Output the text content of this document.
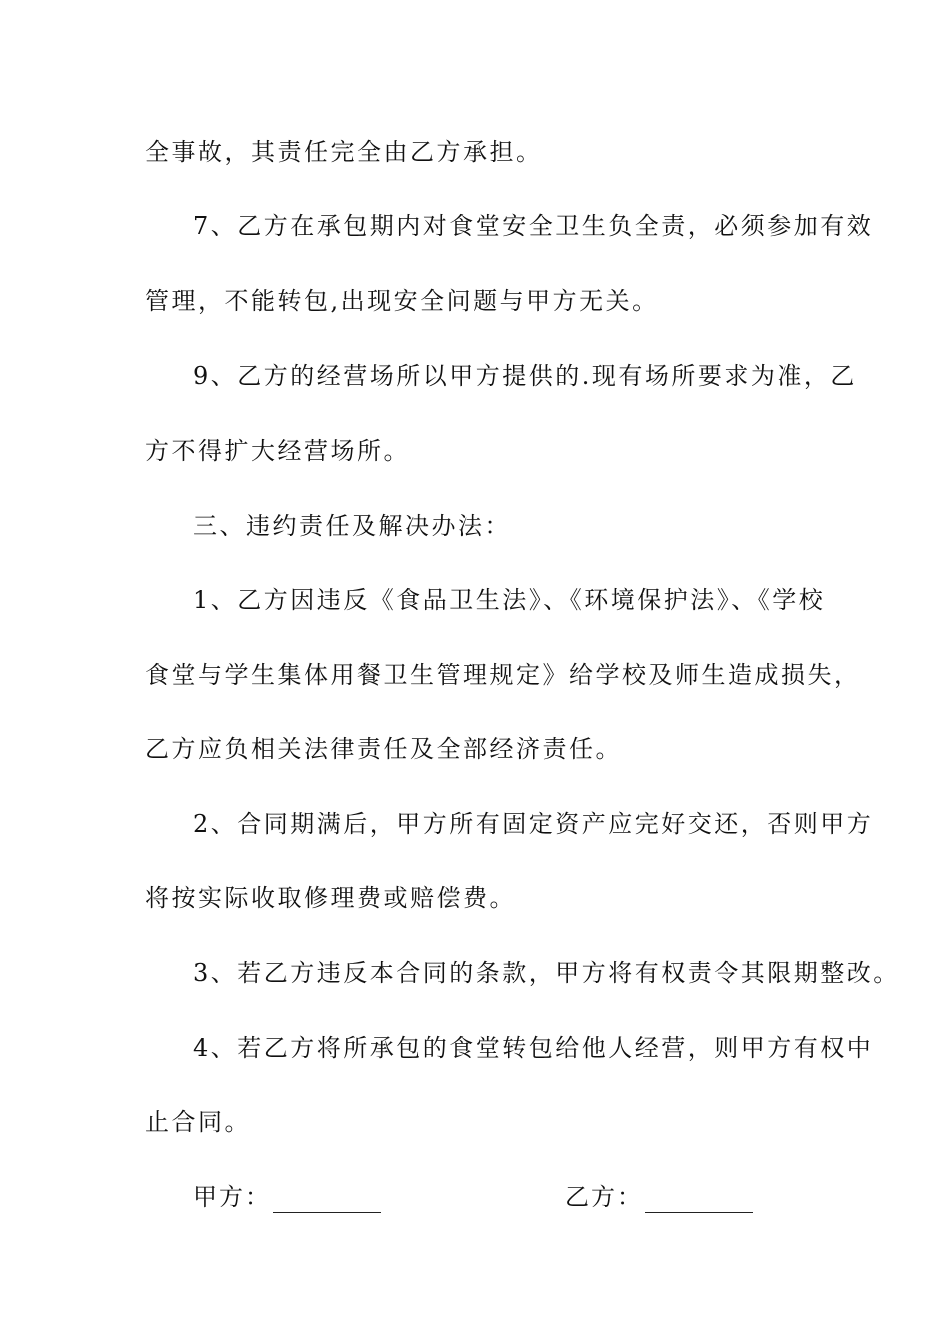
全事故，其责任完全由乙方承担。
7、乙方在承包期内对食堂安全卫生负全责，必须参加有效
管理，不能转包,出现安全问题与甲方无关。
9、乙方的经营场所以甲方提供的.现有场所要求为准，乙
方不得扩大经营场所。
三、违约责任及解决办法：
1、乙方因违反《食品卫生法》、《环境保护法》、《学校
食堂与学生集体用餐卫生管理规定》给学校及师生造成损失，
乙方应负相关法律责任及全部经济责任。
2、合同期满后，甲方所有固定资产应完好交还，否则甲方
将按实际收取修理费或赔偿费。
3、若乙方违反本合同的条款，甲方将有权责令其限期整改。
4、若乙方将所承包的食堂转包给他人经营，则甲方有权中
止合同。
甲方：	乙方：
